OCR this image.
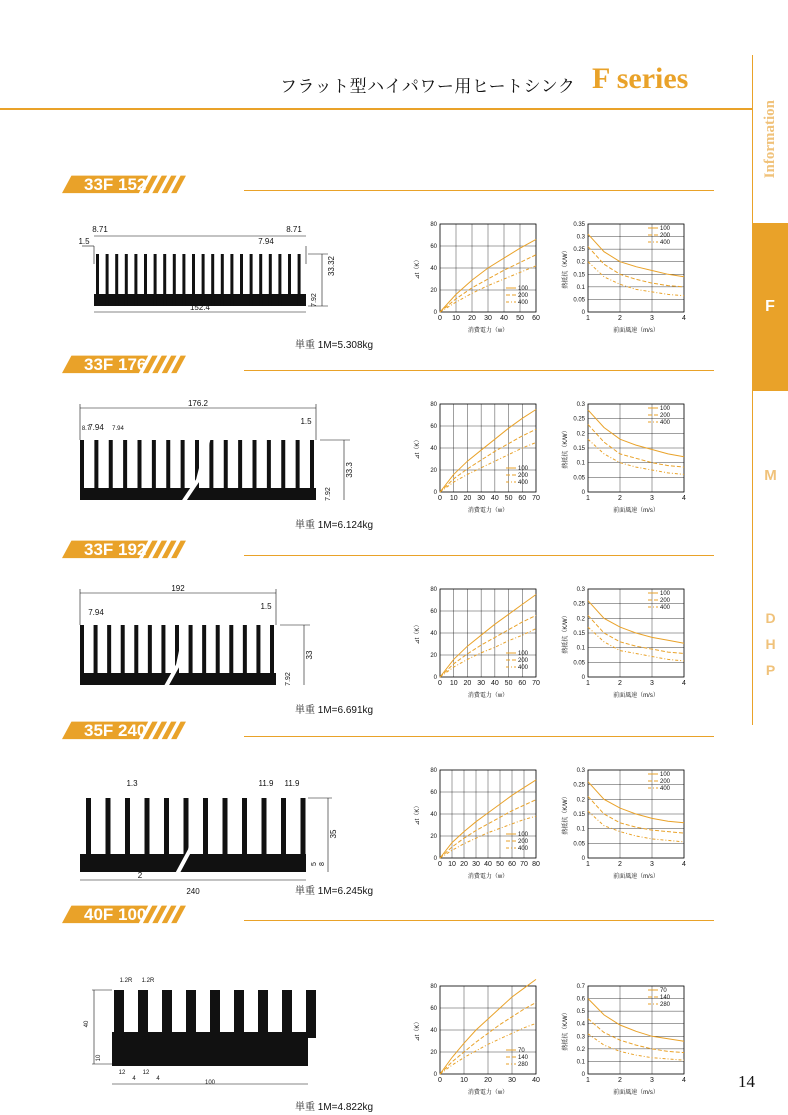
フラット型ハイパワー用ヒートシンク F series
Information
F
M
D H P
33F 152
152.4
8.71	8.71
7.94
1.5
33.32
7.92
単重 1M=5.308kg
0 10 20 30 40 50 60
0
20
40
60
80
消費電力（w）
⊿t（K）
100
200
400
1	2	3	4
0
0.05
0.1
0.15
0.2
0.25
0.3
0.35
前面風速（m/s）
熱抵抗（K/W）
100
200
400
33F 176
176.2
7.94
8.7	7.94
1.5
33.3
7.92
単重 1M=6.124kg
0 10 20 30 40 50 60 70
0
20
40
60
80
消費電力（w）
⊿t（K）
100
200
400
1	2	3	4
0
0.05
0.1
0.15
0.2
0.25
0.3
前面風速（m/s）
熱抵抗（K/W）
100
200
400
33F 192
192
7.94
1.5
33
7.92
単重 1M=6.691kg
0 10 20 30 40 50 60 70
0
20
40
60
80
消費電力（w）
⊿t（K）
100
200
400
1	2	3	4
0
0.05
0.1
0.15
0.2
0.25
0.3
前面風速（m/s）
熱抵抗（K/W）
100
200
400
35F 240
240
1.3	11.9 11.9
2
35
5 8
単重 1M=6.245kg
0 10 20 30 40 50 60 70 80
0
20
40
60
80
消費電力（w）
⊿t（K）
100
200
400
1	2	3	4
0
0.05
0.1
0.15
0.2
0.25
0.3
前面風速（m/s）
熱抵抗（K/W）
100
200
400
40F 100
40
10
1.2R 1.2R
2R 2R
12
4
12
4
100
単重 1M=4.822kg
0	10 20 30 40
0
20
40
60
80
消費電力（w）
⊿t（K）
70
140
280
1	2	3	4
0
0.1
0.2
0.3
0.4
0.5
0.6
0.7
前面風速（m/s）
熱抵抗（K/W）
70
140
280
14
